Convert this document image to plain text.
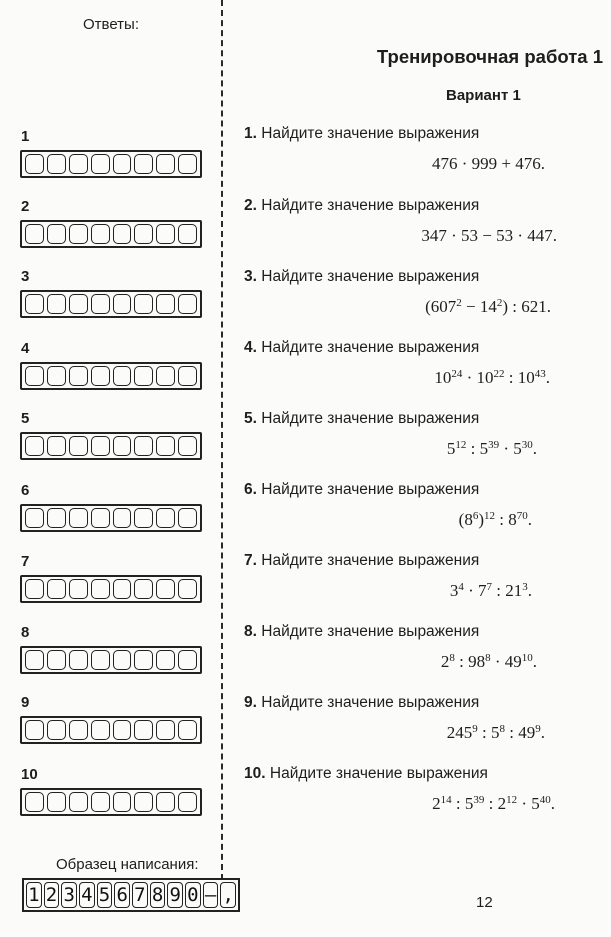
Ответы:
1
2
3
4
5
6
7
8
9
10
Образец написания:
1 2 3 4 5 6 7 8 9 0 – ,
Тренировочная работа 1
Вариант 1
1. Найдите значение выражения
476 · 999 + 476.
2. Найдите значение выражения
347 · 53 − 53 · 447.
3. Найдите значение выражения
$(607^2 - 14^2)$ : 621.
4. Найдите значение выражения
$10^{24} \cdot 10^{22}$ : $10^{43}$.
5. Найдите значение выражения
$5^{12}$ : $5^{39} \cdot 5^{30}$.
6. Найдите значение выражения
$(8^6)^{12}$ : $8^{70}$.
7. Найдите значение выражения
$3^4 \cdot 7^7$ : $21^3$.
8. Найдите значение выражения
$2^8$ : $98^8 \cdot 49^{10}$.
9. Найдите значение выражения
$245^9$ : $5^8$ : $49^9$.
10. Найдите значение выражения
$2^{14}$ : $5^{39}$ : $2^{12} \cdot 5^{40}$.
12
